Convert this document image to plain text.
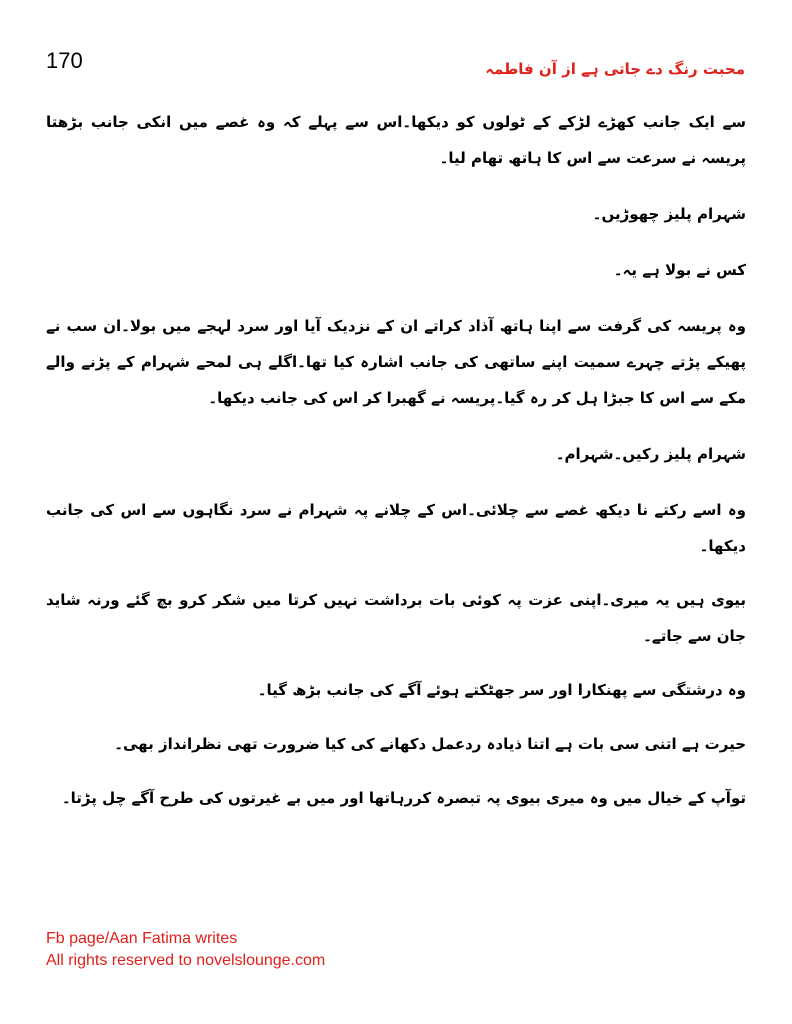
170	محبت رنگ دے جاتی ہے از آن فاطمہ

سے ایک جانب کھڑے لڑکے کے ٹولوں کو دیکھا۔اس سے پہلے کہ وہ غصے میں انکی جانب بڑھتا پریسہ نے سرعت سے اس کا ہاتھ تھام لیا۔

شہرام پلیز چھوڑیں۔

کس نے بولا ہے یہ۔

وہ پریسہ کی گرفت سے اپنا ہاتھ آذاد کراتے ان کے نزدیک آیا اور سرد لہجے میں بولا۔ان سب نے پھیکے پڑتے چہرے سمیت اپنے ساتھی کی جانب اشارہ کیا تھا۔اگلے ہی لمحے شہرام کے پڑنے والے مکے سے اس کا جبڑا ہل کر رہ گیا۔پریسہ نے گھبرا کر اس کی جانب دیکھا۔

شہرام پلیز رکیں۔شہرام۔

وہ اسے رکتے نا دیکھ غصے سے چلائی۔اس کے چلانے پہ شہرام نے سرد نگاہوں سے اس کی جانب دیکھا۔

بیوی ہیں یہ میری۔اپنی عزت پہ کوئی بات برداشت نہیں کرتا میں شکر کرو بچ گئے ورنہ شاید جان سے جاتے۔

وہ درشتگی سے پھنکارا اور سر جھٹکتے ہوئے آگے کی جانب بڑھ گیا۔

حیرت ہے اتنی سی بات ہے اتنا ذیادہ ردعمل دکھانے کی کیا ضرورت تھی نظرانداز بھی۔

توآپ کے خیال میں وہ میری بیوی پہ تبصرہ کررہاتھا اور میں بے غیرتوں کی طرح آگے چل پڑتا۔

Fb page/Aan Fatima writes
All rights reserved to novelslounge.com
